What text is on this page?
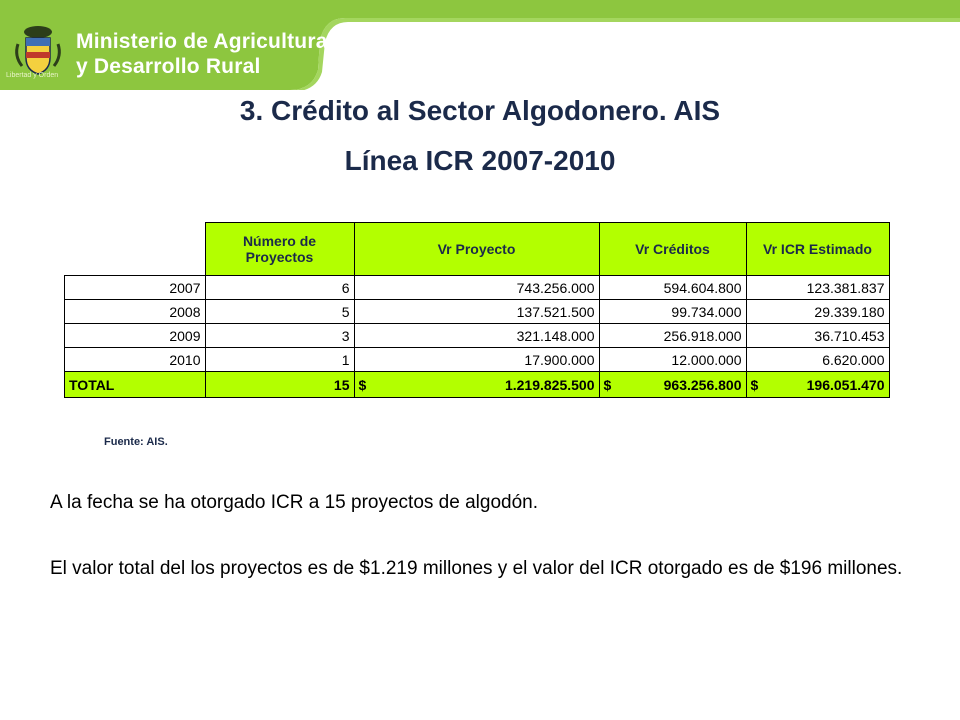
Libertad y Orden
Ministerio de Agricultura
y Desarrollo Rural
3. Crédito al Sector Algodonero. AIS
Línea ICR 2007-2010
	Número de Proyectos	Vr Proyecto	Vr Créditos	Vr ICR Estimado
2007	6	743.256.000	594.604.800	123.381.837
2008	5	137.521.500	99.734.000	29.339.180
2009	3	321.148.000	256.918.000	36.710.453
2010	1	17.900.000	12.000.000	6.620.000
TOTAL	15	$ 1.219.825.500	$ 963.256.800	$ 196.051.470
Fuente: AIS.
A la fecha se ha otorgado ICR a 15 proyectos de algodón.
El valor total del los proyectos es de $1.219 millones y el valor del ICR otorgado es de $196 millones.
